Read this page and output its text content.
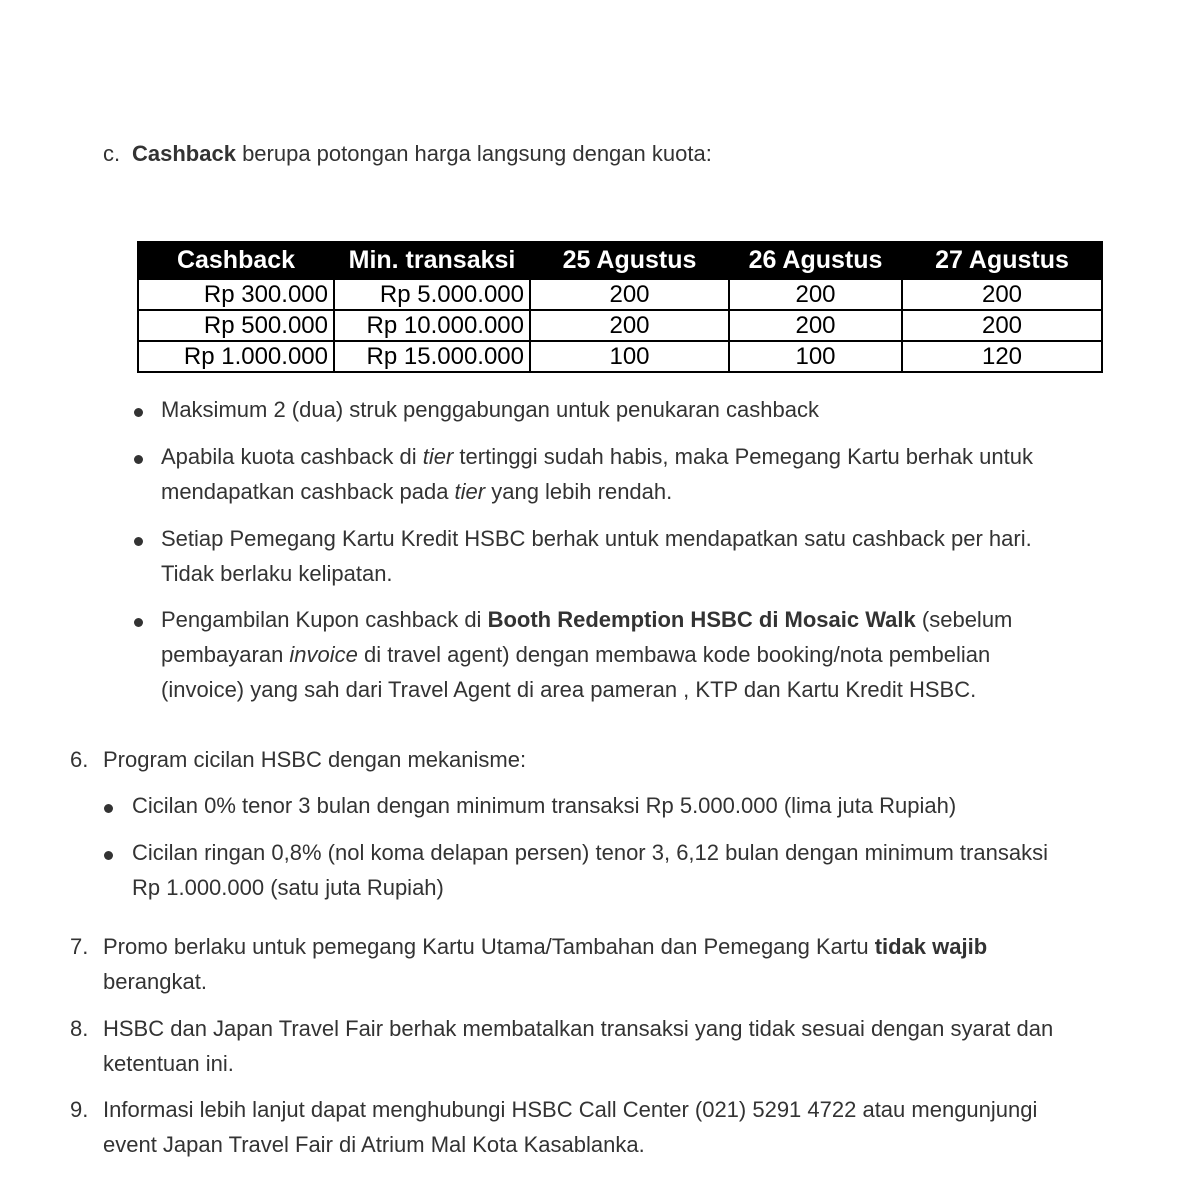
c. Cashback berupa potongan harga langsung dengan kuota:
Cashback	Min. transaksi	25 Agustus	26 Agustus	27 Agustus
Rp 300.000	Rp 5.000.000	200	200	200
Rp 500.000	Rp 10.000.000	200	200	200
Rp 1.000.000	Rp 15.000.000	100	100	120
Maksimum 2 (dua) struk penggabungan untuk penukaran cashback
Apabila kuota cashback di tier tertinggi sudah habis, maka Pemegang Kartu berhak untuk
mendapatkan cashback pada tier yang lebih rendah.
Setiap Pemegang Kartu Kredit HSBC berhak untuk mendapatkan satu cashback per hari.
Tidak berlaku kelipatan.
Pengambilan Kupon cashback di Booth Redemption HSBC di Mosaic Walk (sebelum
pembayaran invoice di travel agent) dengan membawa kode booking/nota pembelian
(invoice) yang sah dari Travel Agent di area pameran , KTP dan Kartu Kredit HSBC.
6. Program cicilan HSBC dengan mekanisme:
Cicilan 0% tenor 3 bulan dengan minimum transaksi Rp 5.000.000 (lima juta Rupiah)
Cicilan ringan 0,8% (nol koma delapan persen) tenor 3, 6,12 bulan dengan minimum transaksi
Rp 1.000.000 (satu juta Rupiah)
7. Promo berlaku untuk pemegang Kartu Utama/Tambahan dan Pemegang Kartu tidak wajib
berangkat.
8. HSBC dan Japan Travel Fair berhak membatalkan transaksi yang tidak sesuai dengan syarat dan
ketentuan ini.
9. Informasi lebih lanjut dapat menghubungi HSBC Call Center (021) 5291 4722 atau mengunjungi
event Japan Travel Fair di Atrium Mal Kota Kasablanka.
